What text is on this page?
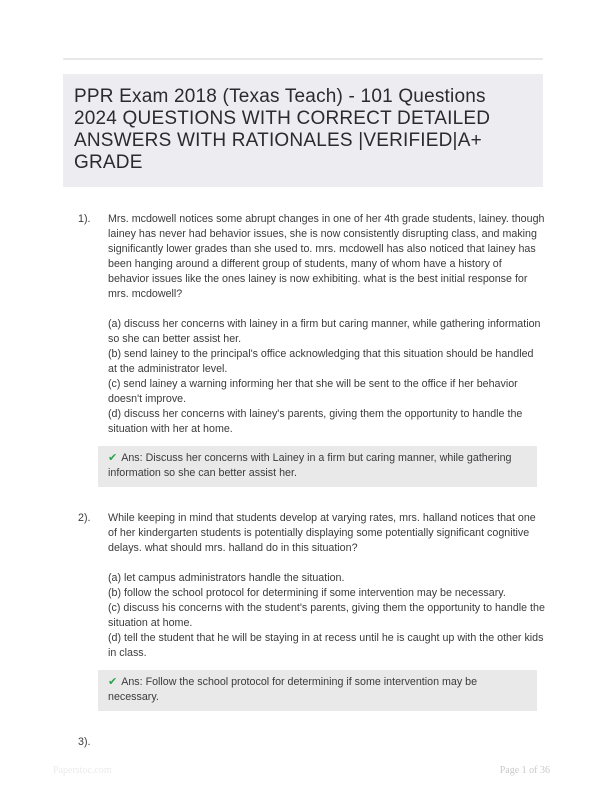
PPR Exam 2018 (Texas Teach) - 101 Questions
2024 QUESTIONS WITH CORRECT DETAILED
ANSWERS WITH RATIONALES |VERIFIED|A+
GRADE
1).	Mrs. mcdowell notices some abrupt changes in one of her 4th grade students, lainey. though lainey has never had behavior issues, she is now consistently disrupting class, and making significantly lower grades than she used to. mrs. mcdowell has also noticed that lainey has been hanging around a different group of students, many of whom have a history of behavior issues like the ones lainey is now exhibiting. what is the best initial response for mrs. mcdowell?
(a) discuss her concerns with lainey in a firm but caring manner, while gathering information so she can better assist her.
(b) send lainey to the principal's office acknowledging that this situation should be handled at the administrator level.
(c) send lainey a warning informing her that she will be sent to the office if her behavior doesn't improve.
(d) discuss her concerns with lainey's parents, giving them the opportunity to handle the situation with her at home.
✔ Ans: Discuss her concerns with Lainey in a firm but caring manner, while gathering information so she can better assist her.
2).	While keeping in mind that students develop at varying rates, mrs. halland notices that one of her kindergarten students is potentially displaying some potentially significant cognitive delays. what should mrs. halland do in this situation?
(a) let campus administrators handle the situation.
(b) follow the school protocol for determining if some intervention may be necessary.
(c) discuss his concerns with the student's parents, giving them the opportunity to handle the situation at home.
(d) tell the student that he will be staying in at recess until he is caught up with the other kids in class.
✔ Ans: Follow the school protocol for determining if some intervention may be necessary.
3).
Paperstoc.com	Page 1 of 36
